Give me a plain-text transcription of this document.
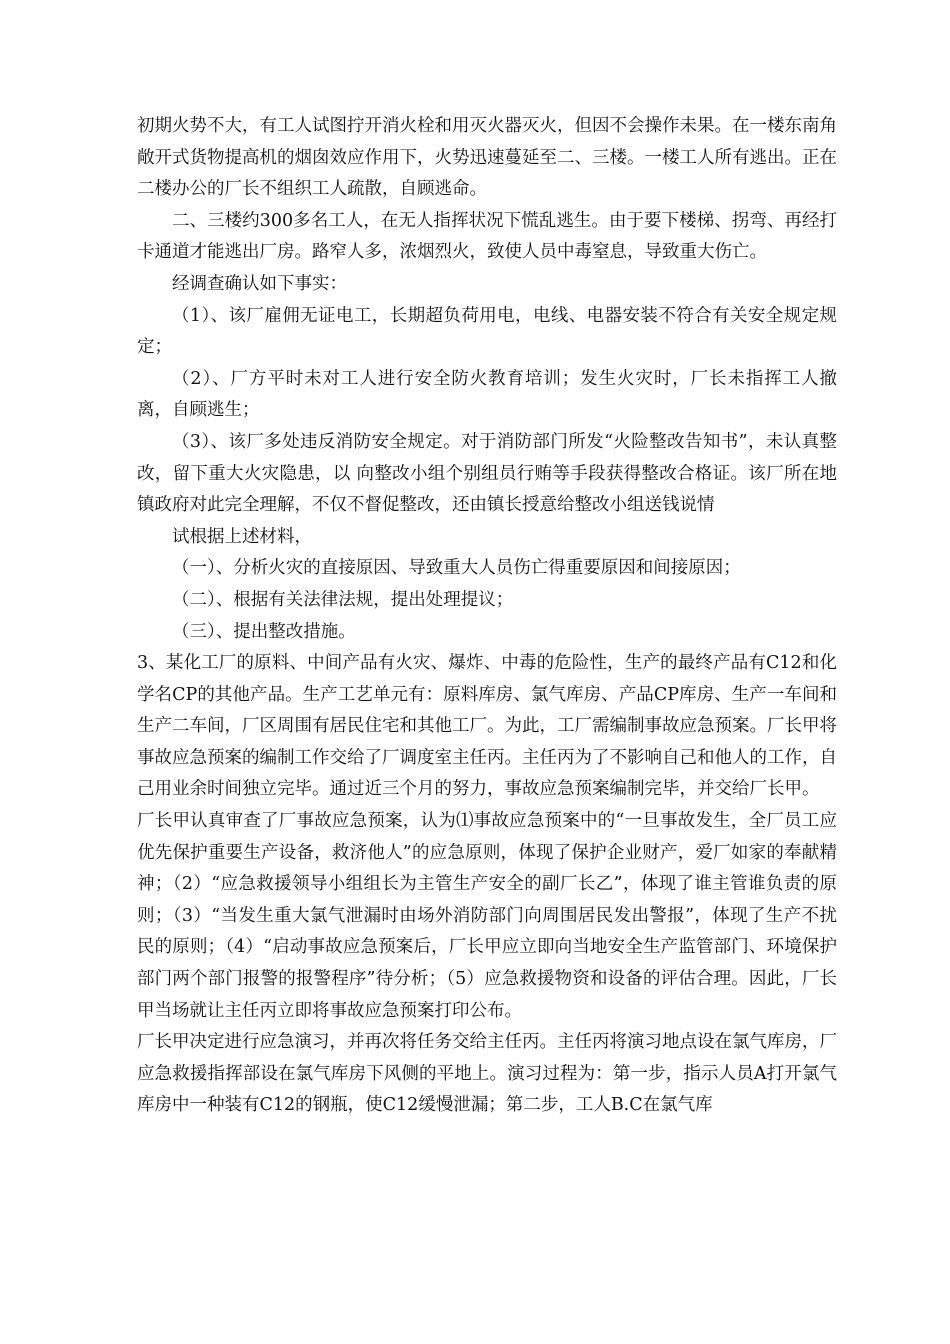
初期火势不大，有工人试图拧开消火栓和用灭火器灭火，但因不会操作未果。在一楼东南角敞开式货物提高机的烟囱效应作用下，火势迅速蔓延至二、三楼。一楼工人所有逃出。正在二楼办公的厂长不组织工人疏散，自顾逃命。

二、三楼约300多名工人，在无人指挥状况下慌乱逃生。由于要下楼梯、拐弯、再经打卡通道才能逃出厂房。路窄人多，浓烟烈火，致使人员中毒窒息，导致重大伤亡。

经调查确认如下事实：

（1）、该厂雇佣无证电工，长期超负荷用电，电线、电器安装不符合有关安全规定规定；

（2）、厂方平时未对工人进行安全防火教育培训；发生火灾时，厂长未指挥工人撤离，自顾逃生；

（3）、该厂多处违反消防安全规定。对于消防部门所发“火险整改告知书”，未认真整改，留下重大火灾隐患，以 向整改小组个别组员行贿等手段获得整改合格证。该厂所在地镇政府对此完全理解，不仅不督促整改，还由镇长授意给整改小组送钱说情

试根据上述材料，

（一）、分析火灾的直接原因、导致重大人员伤亡得重要原因和间接原因；

（二）、根据有关法律法规，提出处理提议；

（三）、提出整改措施。

3、某化工厂的原料、中间产品有火灾、爆炸、中毒的危险性，生产的最终产品有C12和化学名CP的其他产品。生产工艺单元有：原料库房、氯气库房、产品CP库房、生产一车间和生产二车间，厂区周围有居民住宅和其他工厂。为此，工厂需编制事故应急预案。厂长甲将事故应急预案的编制工作交给了厂调度室主任丙。主任丙为了不影响自己和他人的工作，自己用业余时间独立完毕。通过近三个月的努力，事故应急预案编制完毕，并交给厂长甲。

厂长甲认真审查了厂事故应急预案，认为⑴事故应急预案中的“一旦事故发生，全厂员工应优先保护重要生产设备，救济他人”的应急原则，体现了保护企业财产，爱厂如家的奉献精神；（2）“应急救援领导小组组长为主管生产安全的副厂长乙”，体现了谁主管谁负责的原则；（3）“当发生重大氯气泄漏时由场外消防部门向周围居民发出警报”，体现了生产不扰民的原则；（4）“启动事故应急预案后，厂长甲应立即向当地安全生产监管部门、环境保护部门两个部门报警的报警程序”待分析；（5）应急救援物资和设备的评估合理。因此，厂长甲当场就让主任丙立即将事故应急预案打印公布。

厂长甲决定进行应急演习，并再次将任务交给主任丙。主任丙将演习地点设在氯气库房，厂应急救援指挥部设在氯气库房下风侧的平地上。演习过程为：第一步，指示人员A打开氯气库房中一种装有C12的钢瓶，使C12缓慢泄漏；第二步，工人B.C在氯气库
